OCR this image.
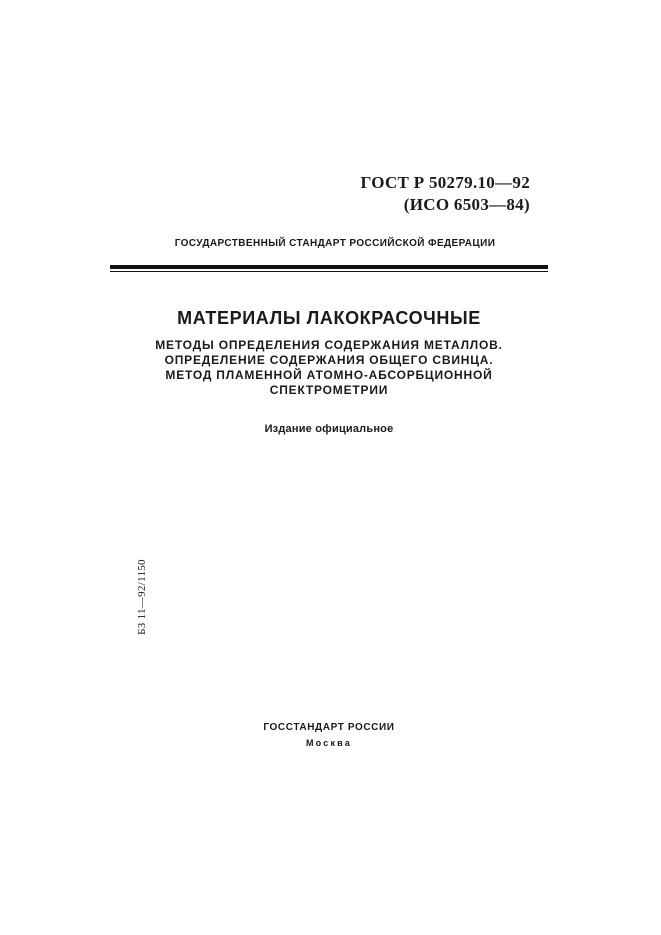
ГОСТ Р 50279.10—92
(ИСО 6503—84)
ГОСУДАРСТВЕННЫЙ СТАНДАРТ РОССИЙСКОЙ ФЕДЕРАЦИИ
МАТЕРИАЛЫ ЛАКОКРАСОЧНЫЕ
МЕТОДЫ ОПРЕДЕЛЕНИЯ СОДЕРЖАНИЯ МЕТАЛЛОВ.
ОПРЕДЕЛЕНИЕ СОДЕРЖАНИЯ ОБЩЕГО СВИНЦА.
МЕТОД ПЛАМЕННОЙ АТОМНО-АБСОРБЦИОННОЙ
СПЕКТРОМЕТРИИ
Издание официальное
БЗ 11—92/1150
ГОССТАНДАРТ РОССИИ
Москва
